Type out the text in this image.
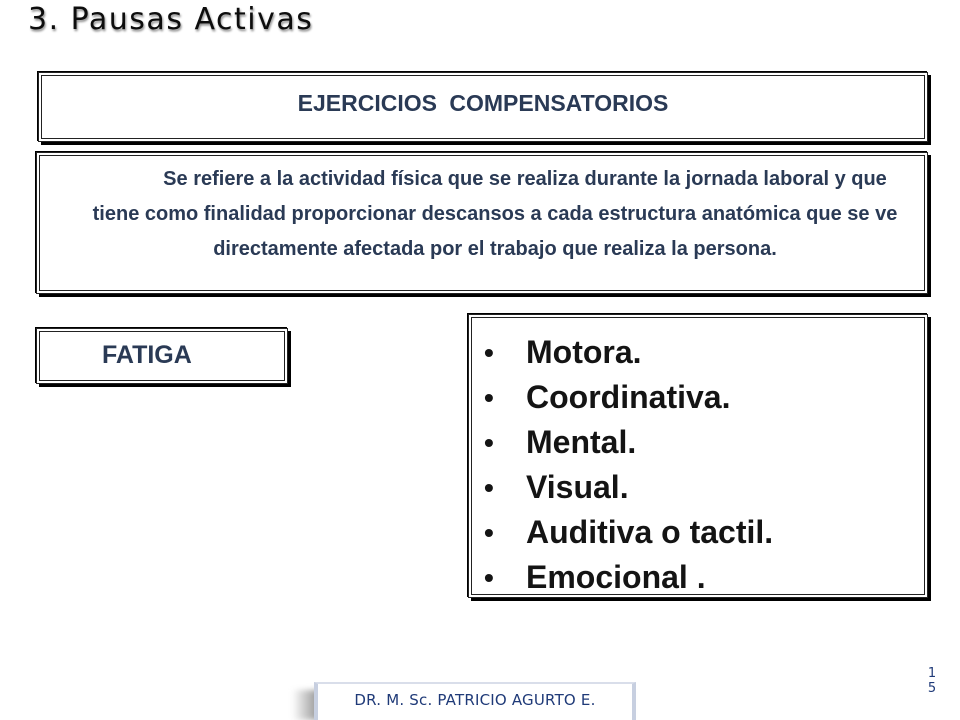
3. Pausas Activas
EJERCICIOS COMPENSATORIOS

Se refiere a la actividad física que se realiza durante la jornada laboral y que tiene como finalidad proporcionar descansos a cada estructura anatómica que se ve directamente afectada por el trabajo que realiza la persona.

FATIGA	• Motora.
• Coordinativa.
• Mental.
• Visual.
• Auditiva o tactil.
• Emocional .
DR. M. Sc. PATRICIO AGURTO E.
1
5
